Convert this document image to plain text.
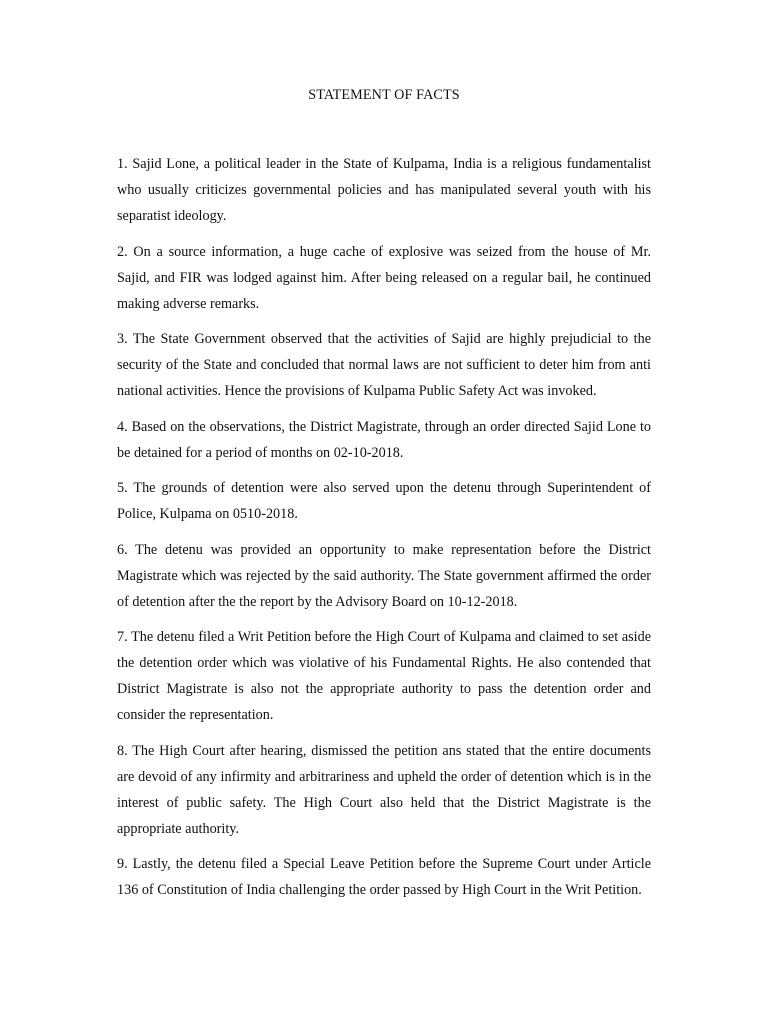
STATEMENT OF FACTS

1. Sajid Lone, a political leader in the State of Kulpama, India is a religious fundamentalist who usually criticizes governmental policies and has manipulated several youth with his separatist ideology.

2. On a source information, a huge cache of explosive was seized from the house of Mr. Sajid, and FIR was lodged against him. After being released on a regular bail, he continued making adverse remarks.

3. The State Government observed that the activities of Sajid are highly prejudicial to the security of the State and concluded that normal laws are not sufficient to deter him from anti national activities. Hence the provisions of Kulpama Public Safety Act was invoked.

4. Based on the observations, the District Magistrate, through an order directed Sajid Lone to be detained for a period of months on 02-10-2018.

5. The grounds of detention were also served upon the detenu through Superintendent of Police, Kulpama on 0510-2018.

6. The detenu was provided an opportunity to make representation before the District Magistrate which was rejected by the said authority. The State government affirmed the order of detention after the the report by the Advisory Board on 10-12-2018.

7. The detenu filed a Writ Petition before the High Court of Kulpama and claimed to set aside the detention order which was violative of his Fundamental Rights. He also contended that District Magistrate is also not the appropriate authority to pass the detention order and consider the representation.

8. The High Court after hearing, dismissed the petition ans stated that the entire documents are devoid of any infirmity and arbitrariness and upheld the order of detention which is in the interest of public safety. The High Court also held that the District Magistrate is the appropriate authority.

9. Lastly, the detenu filed a Special Leave Petition before the Supreme Court under Article 136 of Constitution of India challenging the order passed by High Court in the Writ Petition.
